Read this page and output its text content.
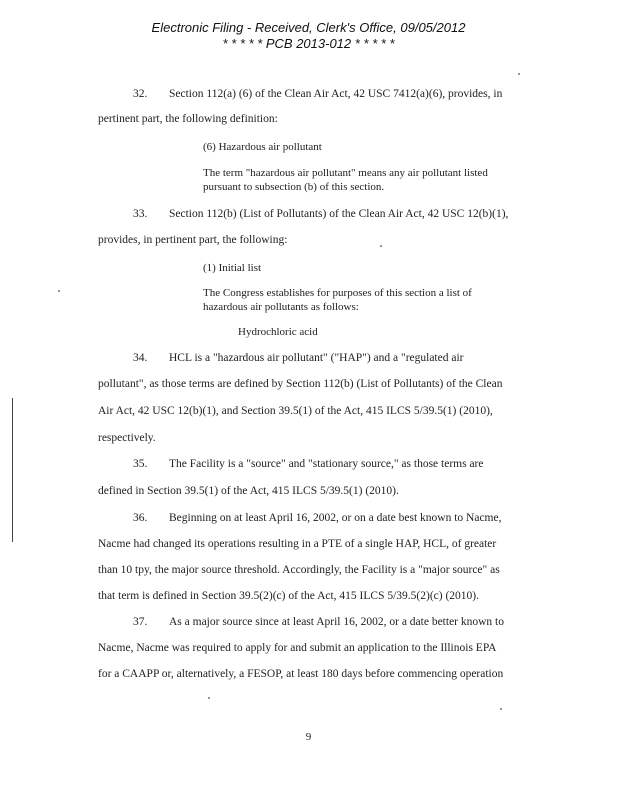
Electronic Filing - Received, Clerk's Office, 09/05/2012
* * * * * PCB 2013-012 * * * * *
32. Section 112(a) (6) of the Clean Air Act, 42 USC 7412(a)(6), provides, in
pertinent part, the following definition:
(6) Hazardous air pollutant
The term "hazardous air pollutant" means any air pollutant listed pursuant to subsection (b) of this section.
33. Section 112(b) (List of Pollutants) of the Clean Air Act, 42 USC 12(b)(1),
provides, in pertinent part, the following:
(1) Initial list
The Congress establishes for purposes of this section a list of hazardous air pollutants as follows:
Hydrochloric acid
34. HCL is a "hazardous air pollutant" ("HAP") and a "regulated air
pollutant", as those terms are defined by Section 112(b) (List of Pollutants) of the Clean
Air Act, 42 USC 12(b)(1), and Section 39.5(1) of the Act, 415 ILCS 5/39.5(1) (2010),
respectively.
35. The Facility is a "source" and "stationary source," as those terms are
defined in Section 39.5(1) of the Act, 415 ILCS 5/39.5(1) (2010).
36. Beginning on at least April 16, 2002, or on a date best known to Nacme,
Nacme had changed its operations resulting in a PTE of a single HAP, HCL, of greater
than 10 tpy, the major source threshold. Accordingly, the Facility is a "major source" as
that term is defined in Section 39.5(2)(c) of the Act, 415 ILCS 5/39.5(2)(c) (2010).
37. As a major source since at least April 16, 2002, or a date better known to
Nacme, Nacme was required to apply for and submit an application to the Illinois EPA
for a CAAPP or, alternatively, a FESOP, at least 180 days before commencing operation
9
